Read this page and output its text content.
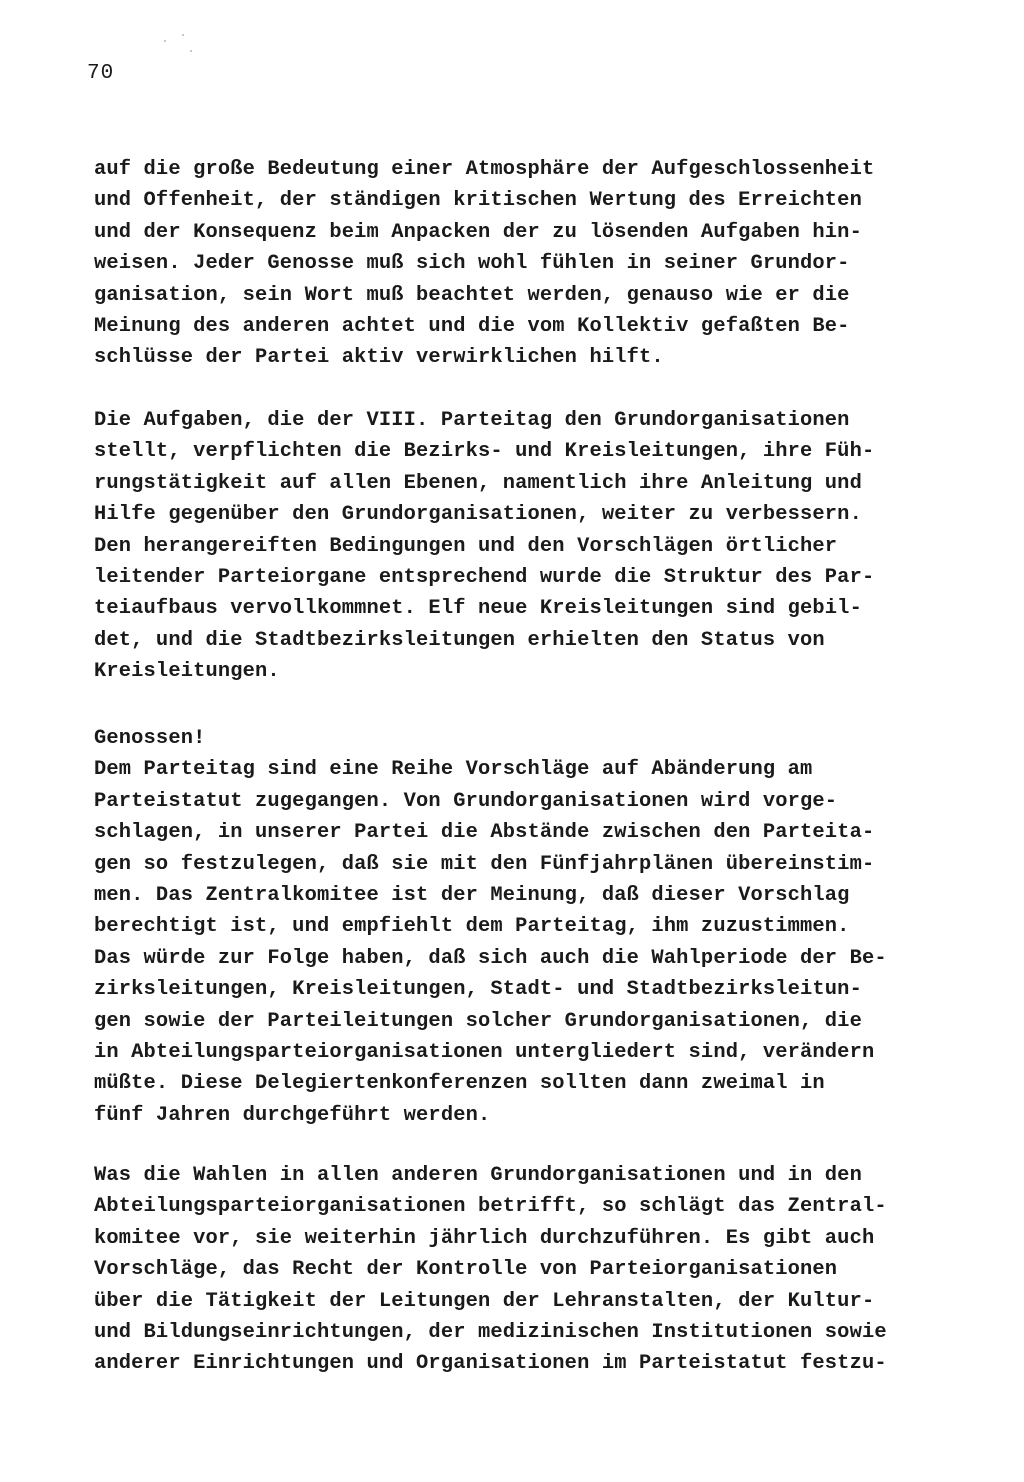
70
auf die große Bedeutung einer Atmosphäre der Aufgeschlossenheit
und Offenheit, der ständigen kritischen Wertung des Erreichten
und der Konsequenz beim Anpacken der zu lösenden Aufgaben hin-
weisen. Jeder Genosse muß sich wohl fühlen in seiner Grundor-
ganisation, sein Wort muß beachtet werden, genauso wie er die
Meinung des anderen achtet und die vom Kollektiv gefaßten Be-
schlüsse der Partei aktiv verwirklichen hilft.
Die Aufgaben, die der VIII. Parteitag den Grundorganisationen
stellt, verpflichten die Bezirks- und Kreisleitungen, ihre Füh-
rungstätigkeit auf allen Ebenen, namentlich ihre Anleitung und
Hilfe gegenüber den Grundorganisationen, weiter zu verbessern.
Den herangereiften Bedingungen und den Vorschlägen örtlicher
leitender Parteiorgane entsprechend wurde die Struktur des Par-
teiaufbaus vervollkommnet. Elf neue Kreisleitungen sind gebil-
det, und die Stadtbezirksleitungen erhielten den Status von
Kreisleitungen.
Genossen!
Dem Parteitag sind eine Reihe Vorschläge auf Abänderung am
Parteistatut zugegangen. Von Grundorganisationen wird vorge-
schlagen, in unserer Partei die Abstände zwischen den Parteita-
gen so festzulegen, daß sie mit den Fünfjahrplänen übereinstim-
men. Das Zentralkomitee ist der Meinung, daß dieser Vorschlag
berechtigt ist, und empfiehlt dem Parteitag, ihm zuzustimmen.
Das würde zur Folge haben, daß sich auch die Wahlperiode der Be-
zirksleitungen, Kreisleitungen, Stadt- und Stadtbezirksleitun-
gen sowie der Parteileitungen solcher Grundorganisationen, die
in Abteilungsparteiorganisationen untergliedert sind, verändern
müßte. Diese Delegiertenkonferenzen sollten dann zweimal in
fünf Jahren durchgeführt werden.
Was die Wahlen in allen anderen Grundorganisationen und in den
Abteilungsparteiorganisationen betrifft, so schlägt das Zentral-
komitee vor, sie weiterhin jährlich durchzuführen. Es gibt auch
Vorschläge, das Recht der Kontrolle von Parteiorganisationen
über die Tätigkeit der Leitungen der Lehranstalten, der Kultur-
und Bildungseinrichtungen, der medizinischen Institutionen sowie
anderer Einrichtungen und Organisationen im Parteistatut festzu-
